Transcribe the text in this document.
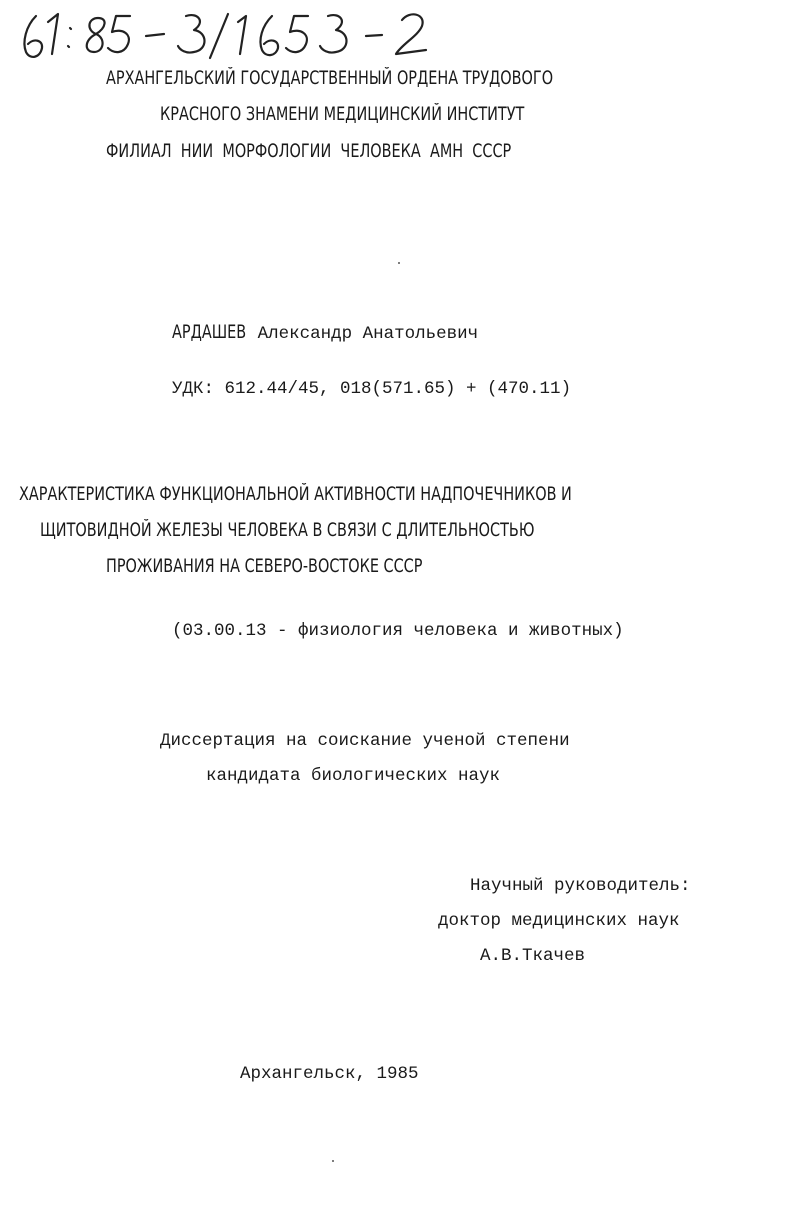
АРХАНГЕЛЬСКИЙ ГОСУДАРСТВЕННЫЙ ОРДЕНА ТРУДОВОГО
КРАСНОГО ЗНАМЕНИ МЕДИЦИНСКИЙ ИНСТИТУТ
ФИЛИАЛ  НИИ  МОРФОЛОГИИ  ЧЕЛОВЕКА  АМН  СССР
АРДАШЕВ Александр Анатольевич
УДК: 612.44/45, 018(571.65) + (470.11)
ХАРАКТЕРИСТИКА ФУНКЦИОНАЛЬНОЙ АКТИВНОСТИ НАДПОЧЕЧНИКОВ И
ЩИТОВИДНОЙ ЖЕЛЕЗЫ ЧЕЛОВЕКА В СВЯЗИ С ДЛИТЕЛЬНОСТЬЮ
ПРОЖИВАНИЯ НА СЕВЕРО-ВОСТОКЕ СССР
(03.00.13 - физиология человека и животных)
Диссертация на соискание ученой степени
кандидата биологических наук
Научный руководитель:
доктор медицинских наук
А.В.Ткачев
Архангельск, 1985
